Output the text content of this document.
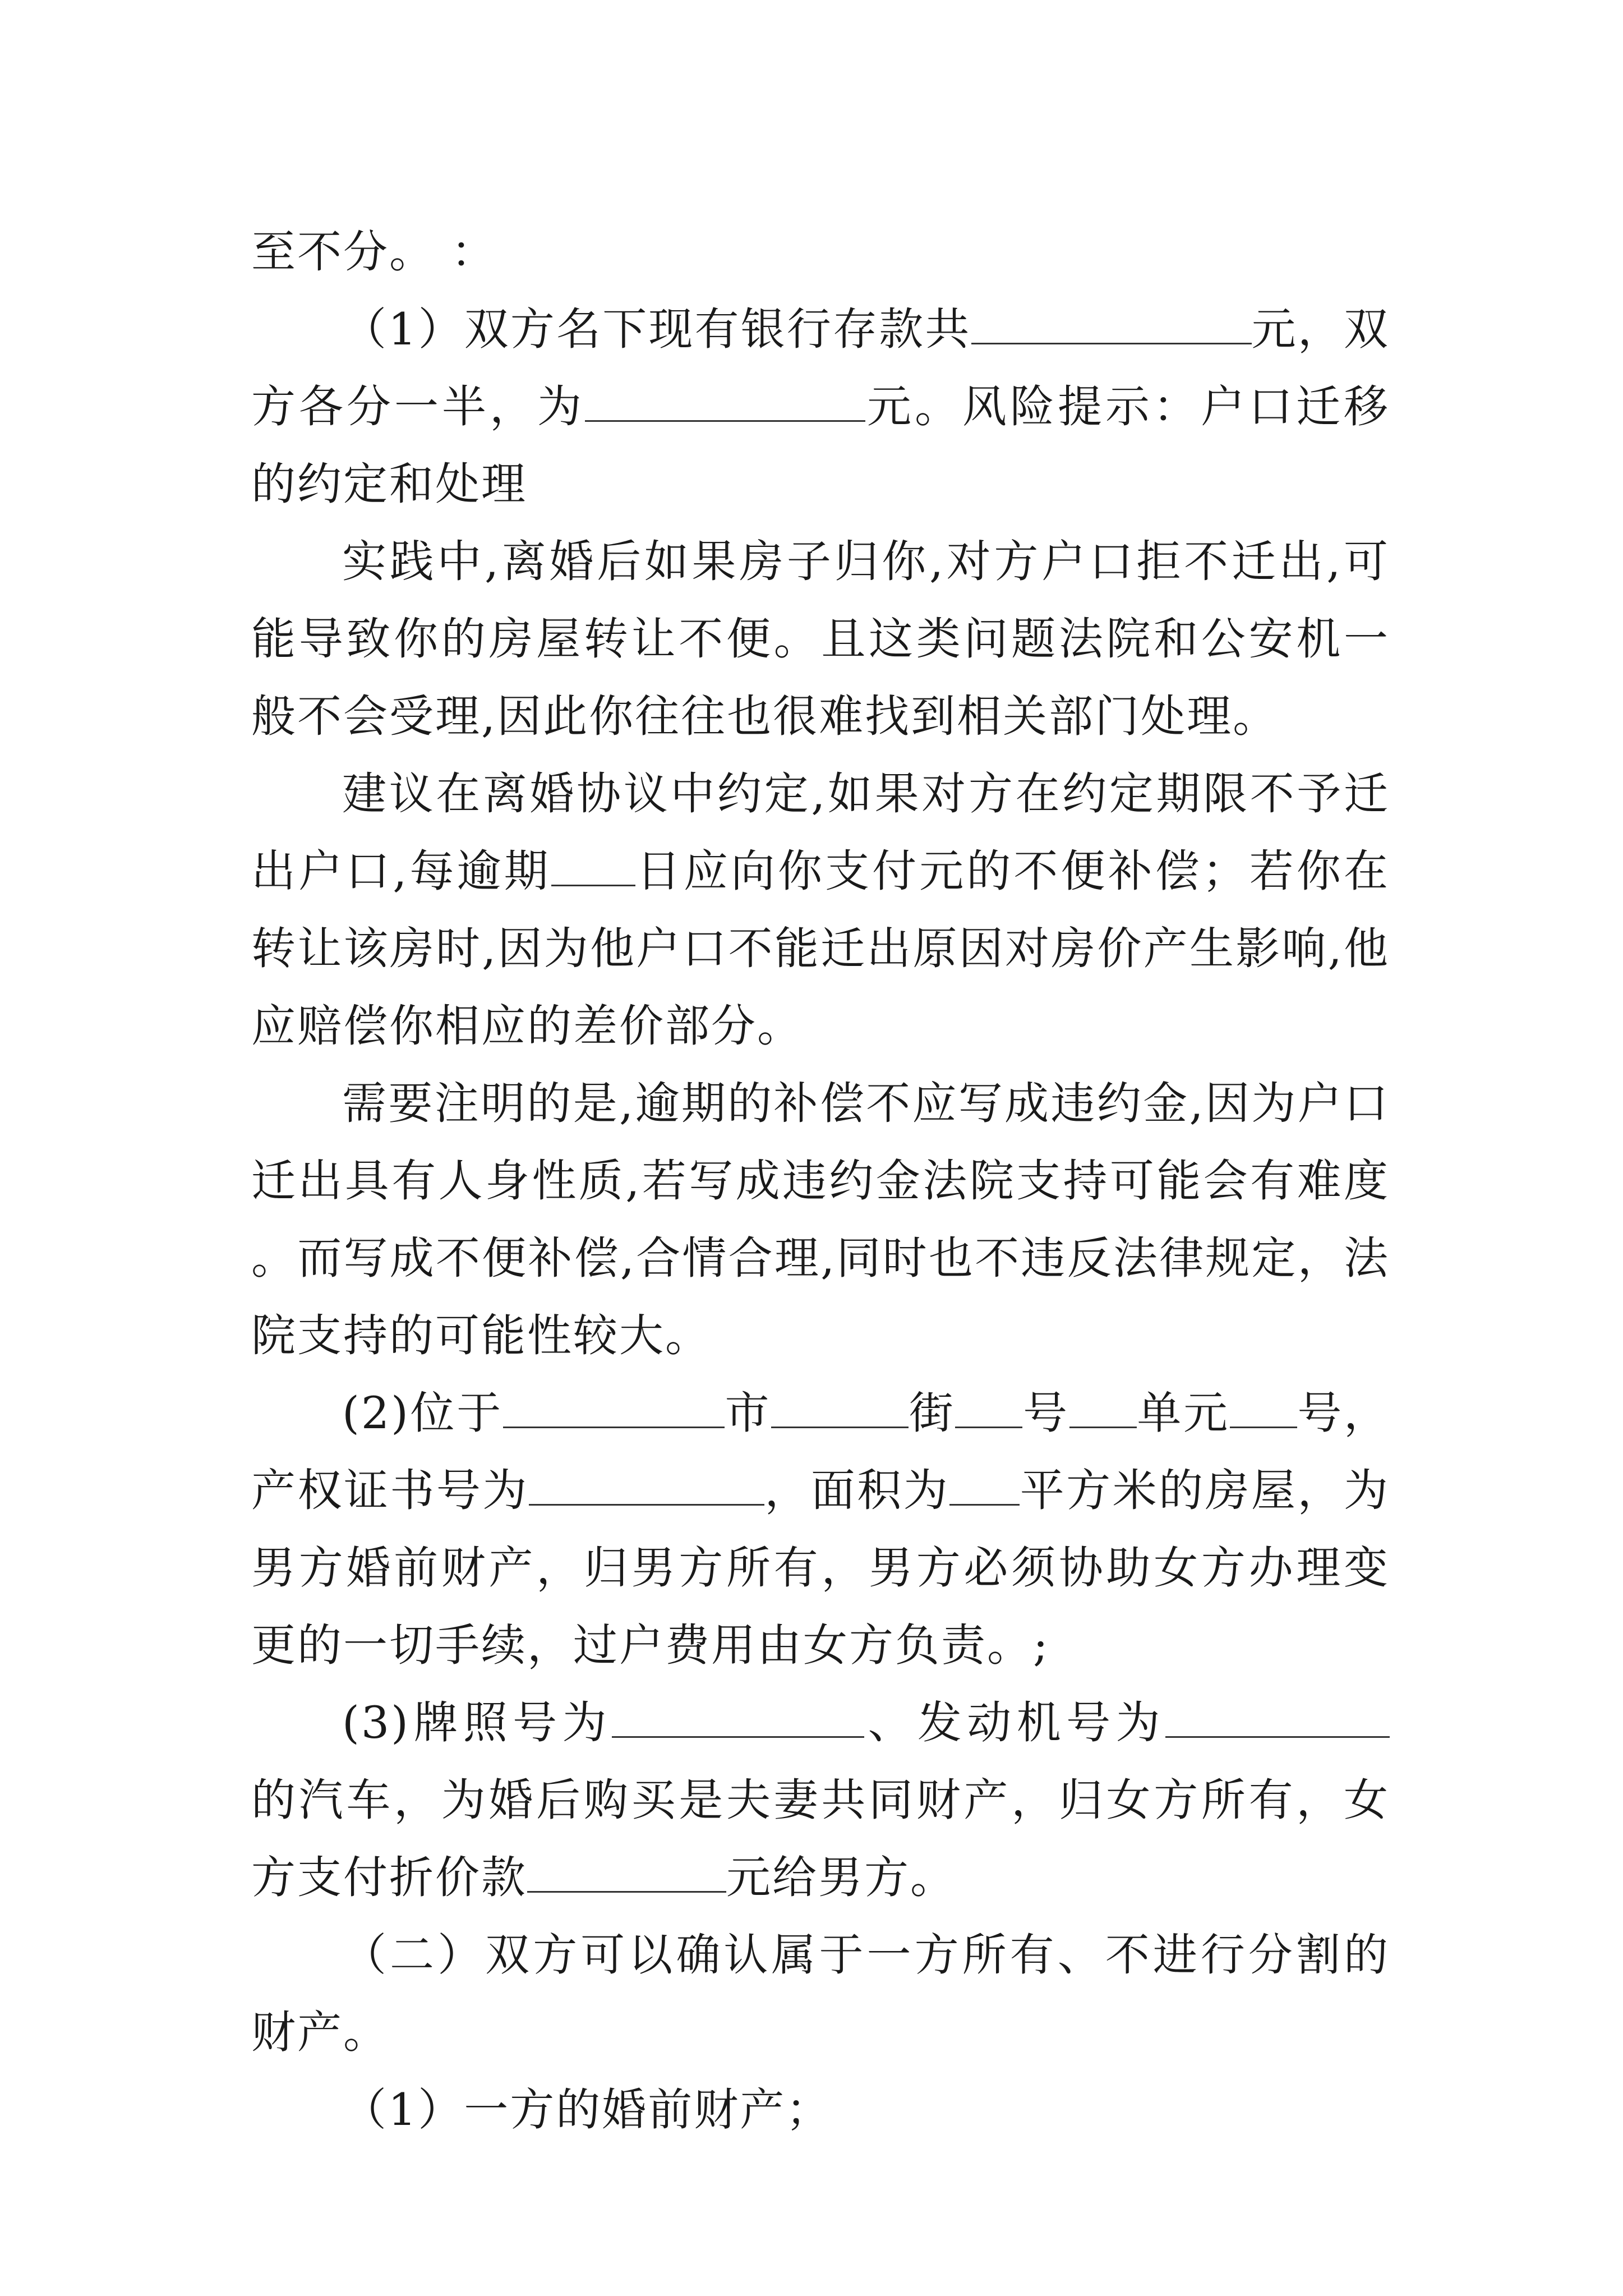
至不分。 ：

（1）双方名下现有银行存款共	元，双方各分一半，为	元。风险提示：户口迁移的约定和处理

实践中,离婚后如果房子归你,对方户口拒不迁出,可能导致你的房屋转让不便。且这类问题法院和公安机一般不会受理,因此你往往也很难找到相关部门处理。

建议在离婚协议中约定,如果对方在约定期限不予迁出户口,每逾期 日应向你支付元的不便补偿；若你在转让该房时,因为他户口不能迁出原因对房价产生影响,他应赔偿你相应的差价部分。

需要注明的是,逾期的补偿不应写成违约金,因为户口迁出具有人身性质,若写成违约金法院支持可能会有难度。而写成不便补偿,合情合理,同时也不违反法律规定，法院支持的可能性较大。

(2)位于	市	街 号 单元 号，产权证书号为	，面积为 平方米的房屋，为男方婚前财产，归男方所有，男方必须协助女方办理变更的一切手续，过户费用由女方负责。;

(3)牌照号为	、发动机号为的汽车，为婚后购买是夫妻共同财产，归女方所有，女方支付折价款	元给男方。

（二）双方可以确认属于一方所有、不进行分割的财产。

（1）一方的婚前财产；
